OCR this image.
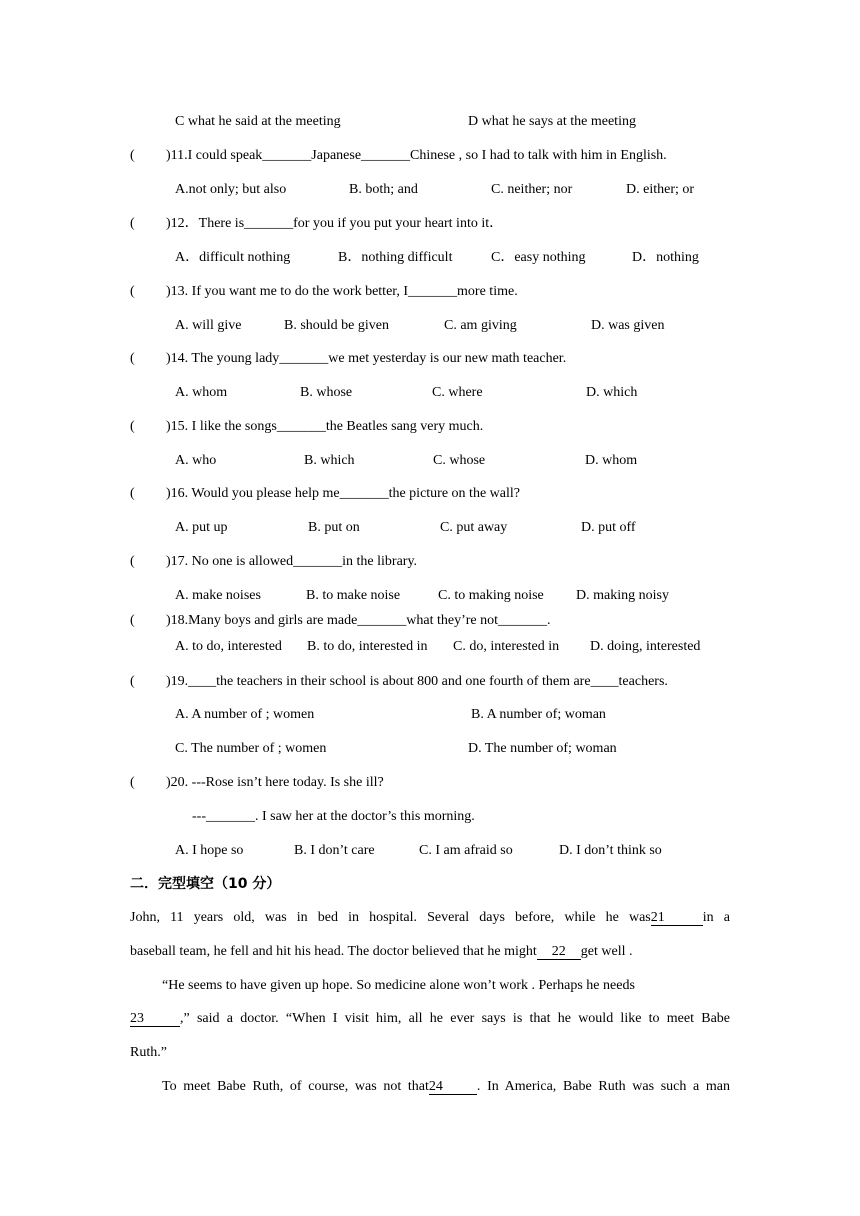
C what he said at the meeting	D what he says at the meeting
( )11.I could speak_______Japanese_______Chinese , so I had to talk with him in English.
A.not only; but also	B. both; and	C. neither; nor	D. either; or
( )12．There is_______for you if you put your heart into it．
A．difficult nothing	B．nothing difficult	C．easy nothing	D．nothing
( )13. If you want me to do the work better, I_______more time.
A. will give	B. should be given	C. am giving	D. was given
( )14. The young lady_______we met yesterday is our new math teacher.
A. whom	B. whose	C. where	D. which
( )15. I like the songs_______the Beatles sang very much.
A. who	B. which	C. whose	D. whom
( )16. Would you please help me_______the picture on the wall?
A. put up	B. put on	C. put away	D. put off
( )17. No one is allowed_______in the library.
A. make noises	B. to make noise	C. to making noise D. making noisy
( )18.Many boys and girls are made_______what they’re not_______.
A. to do, interested B. to do, interested in C. do, interested in D. doing, interested
( )19.____the teachers in their school is about 800 and one fourth of them are____teachers.
A. A number of ; women	B. A number of; woman
C. The number of ; women	D. The number of; woman
( )20. ---Rose isn’t here today. Is she ill?
---_______. I saw her at the doctor’s this morning.
A. I hope so	B. I don’t care	C. I am afraid so	D. I don’t think so
二．完型填空（10 分）
John, 11 years old, was in bed in hospital. Several days before, while he was21	in a
baseball team, he fell and hit his head. The doctor believed that he might 22 get well .
“He seems to have given up hope. So medicine alone won’t work . Perhaps he needs
23	,” said a doctor. “When I visit him, all he ever says is that he would like to meet Babe
Ruth.”
To meet Babe Ruth, of course, was not that24 . In America, Babe Ruth was such a man
